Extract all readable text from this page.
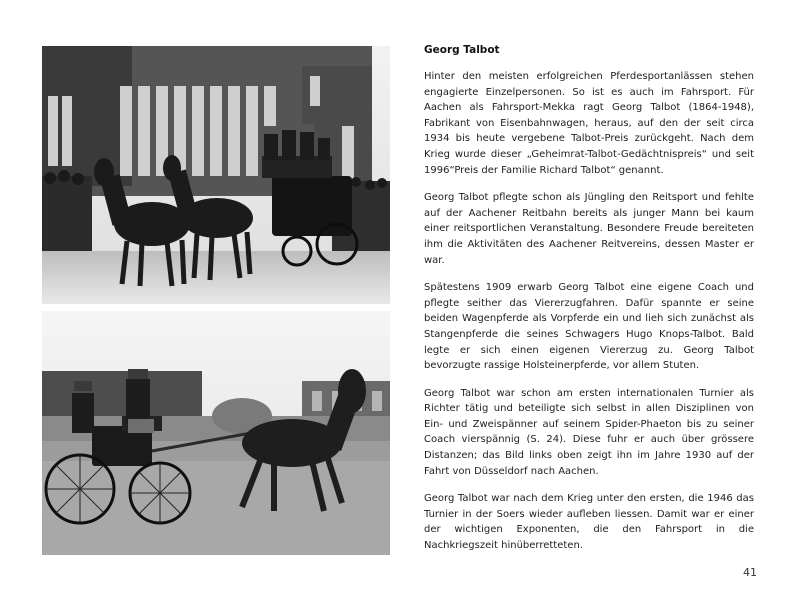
Georg Talbot

Hinter den meisten erfolgreichen Pferdesportanlässen stehen engagierte Einzelpersonen. So ist es auch im Fahrsport. Für Aachen als Fahrsport-Mekka ragt Georg Talbot (1864-1948), Fabrikant von Eisenbahnwagen, heraus, auf den der seit circa 1934 bis heute vergebene Talbot-Preis zurückgeht. Nach dem Krieg wurde dieser „Geheimrat-Talbot-Gedächtnispreis“ und seit 1996“Preis der Familie Richard Talbot“ genannt.

Georg Talbot pflegte schon als Jüngling den Reitsport und fehlte auf der Aachener Reitbahn bereits als junger Mann bei kaum einer reitsportlichen Veranstaltung. Besondere Freude bereiteten ihm die Aktivitäten des Aachener Reitvereins, dessen Master er war.

Spätestens 1909 erwarb Georg Talbot eine eigene Coach und pflegte seither das Viererzugfahren. Dafür spannte er seine beiden Wagenpferde als Vorpferde ein und lieh sich zunächst als Stangenpferde die seines Schwagers Hugo Knops-Talbot. Bald legte er sich einen eigenen Viererzug zu. Georg Talbot bevorzugte rassige Holsteinerpferde, vor allem Stuten.

Georg Talbot war schon am ersten internationalen Turnier als Richter tätig und beteiligte sich selbst in allen Disziplinen von Ein- und Zweispänner auf seinem Spider-Phaeton bis zu seiner Coach vierspännig (S. 24). Diese fuhr er auch über grössere Distanzen; das Bild links oben zeigt ihn im Jahre 1930 auf der Fahrt von Düsseldorf nach Aachen.

Georg Talbot war nach dem Krieg unter den ersten, die 1946 das Turnier in der Soers wieder aufleben liessen. Damit war er einer der wichtigen Exponenten, die den Fahrsport in die Nachkriegszeit hinüberretteten.

41
